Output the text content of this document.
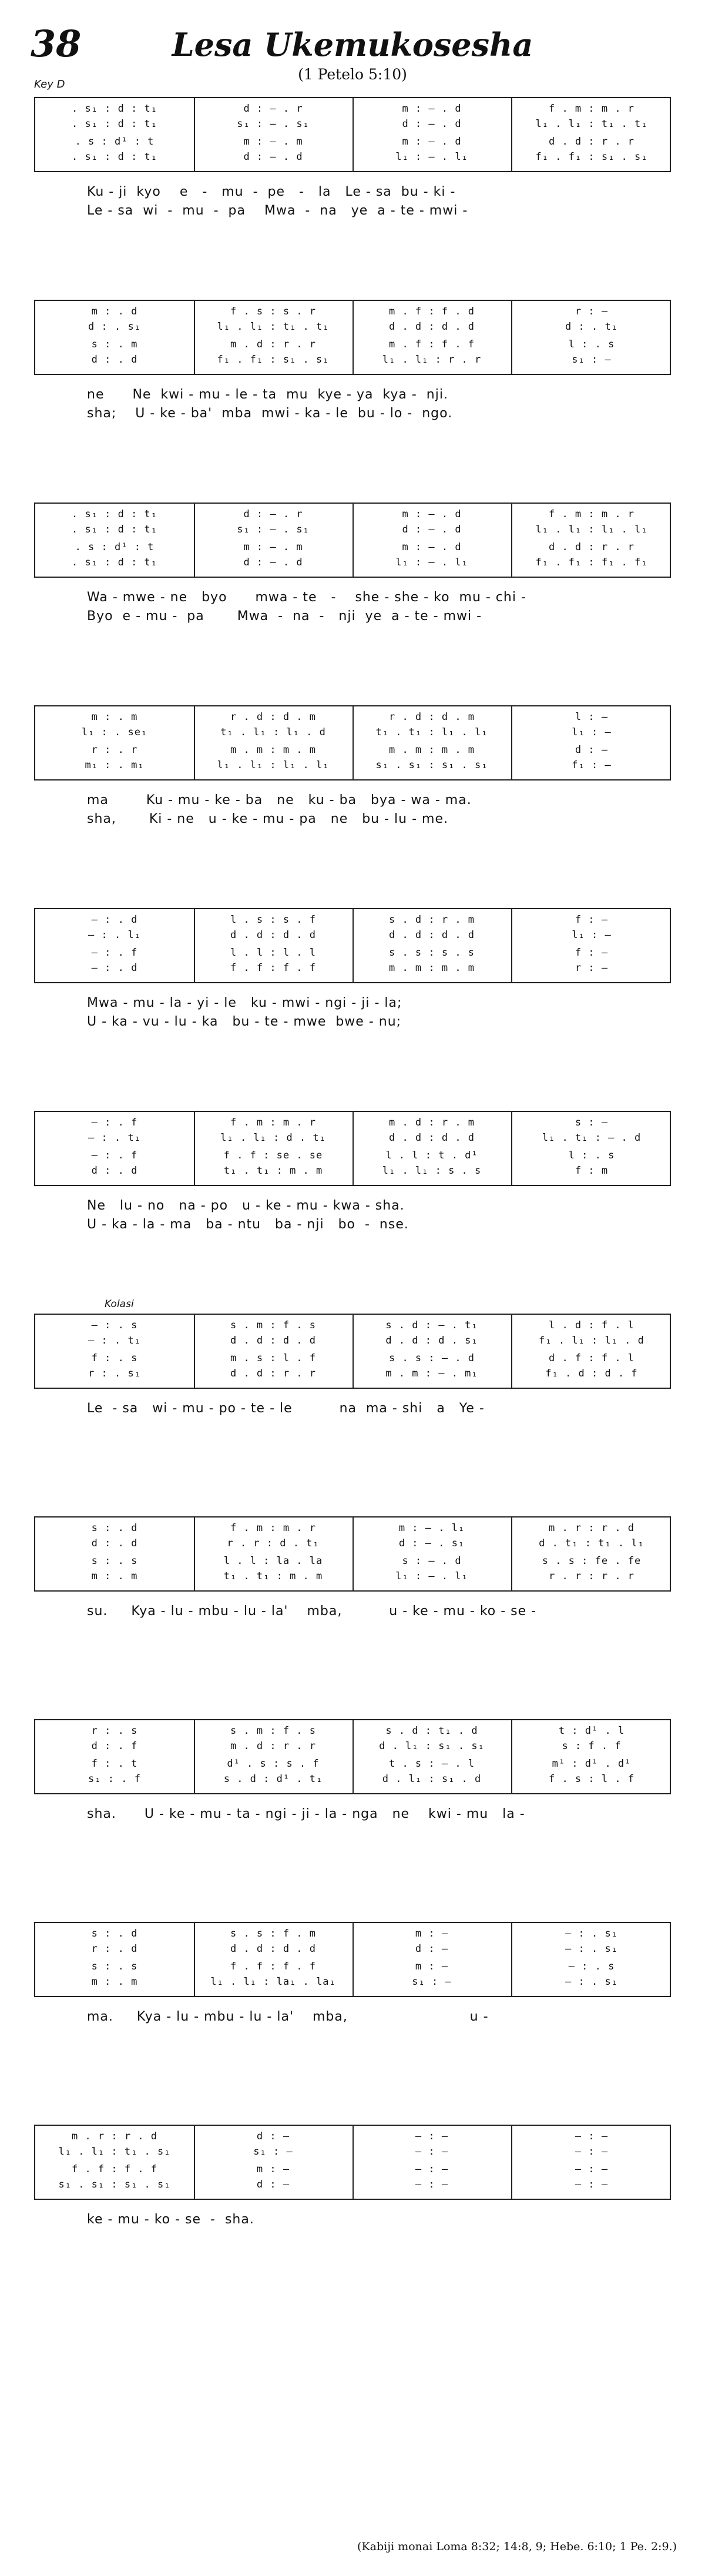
38	Lesa Ukemukosesha
(1 Petelo 5:10)
Key D
. s₁ : d : t₁
. s₁ : d : t₁
. s : d¹ : t
. s₁ : d : t₁
d : – . r
s₁ : – . s₁
m : – . m
d : – . d
m : – . d
d : – . d
m : – . d
l₁ : – . l₁
f . m : m . r
l₁ . l₁ : t₁ . t₁
d . d : r . r
f₁ . f₁ : s₁ . s₁
Ku - ji  kyo    e   -   mu  -  pe   -   la   Le - sa  bu - ki -
Le - sa  wi  -  mu  -  pa    Mwa  -  na   ye  a - te - mwi -
m : . d
d : . s₁
s : . m
d : . d
f . s : s . r
l₁ . l₁ : t₁ . t₁
m . d : r . r
f₁ . f₁ : s₁ . s₁
m . f : f . d
d . d : d . d
m . f : f . f
l₁ . l₁ : r . r
r : —
d : . t₁
l : . s
s₁ : —
ne      Ne  kwi - mu - le - ta  mu  kye - ya  kya -  nji.
sha;    U - ke - ba'  mba  mwi - ka - le  bu - lo -  ngo.
. s₁ : d : t₁
. s₁ : d : t₁
. s : d¹ : t
. s₁ : d : t₁
d : – . r
s₁ : – . s₁
m : – . m
d : – . d
m : – . d
d : – . d
m : – . d
l₁ : – . l₁
f . m : m . r
l₁ . l₁ : l₁ . l₁
d . d : r . r
f₁ . f₁ : f₁ . f₁
Wa - mwe - ne   byo      mwa - te   -    she - she - ko  mu - chi -
Byo  e - mu -  pa       Mwa  -  na  -   nji  ye  a - te - mwi -
m : . m
l₁ : . se₁
r : . r
m₁ : . m₁
r . d : d . m
t₁ . l₁ : l₁ . d
m . m : m . m
l₁ . l₁ : l₁ . l₁
r . d : d . m
t₁ . t₁ : l₁ . l₁
m . m : m . m
s₁ . s₁ : s₁ . s₁
l : —
l₁ : —
d : —
f₁ : —
ma        Ku - mu - ke - ba   ne   ku - ba   bya - wa - ma.
sha,       Ki - ne   u - ke - mu - pa   ne   bu - lu - me.
— : . d
— : . l₁
— : . f
— : . d
l . s : s . f
d . d : d . d
l . l : l . l
f . f : f . f
s . d : r . m
d . d : d . d
s . s : s . s
m . m : m . m
f : —
l₁ : —
f : —
r : —
Mwa - mu - la - yi - le   ku - mwi - ngi - ji - la;
U - ka - vu - lu - ka   bu - te - mwe  bwe - nu;
— : . f
— : . t₁
— : . f
d : . d
f . m : m . r
l₁ . l₁ : d . t₁
f . f : se . se
t₁ . t₁ : m . m
m . d : r . m
d . d : d . d
l . l : t . d¹
l₁ . l₁ : s . s
s : —
l₁ . t₁ : – . d
l : . s
f : m
Ne   lu - no   na - po   u - ke - mu - kwa - sha.
U - ka - la - ma   ba - ntu   ba - nji   bo  -  nse.
Kolasi
— : . s
— : . t₁
f : . s
r : . s₁
s . m : f . s
d . d : d . d
m . s : l . f
d . d : r . r
s . d : – . t₁
d . d : d . s₁
s . s : – . d
m . m : – . m₁
l . d : f . l
f₁ . l₁ : l₁ . d
d . f : f . l
f₁ . d : d . f
Le  - sa   wi - mu - po - te - le          na  ma - shi   a   Ye -
s : . d
d : . d
s : . s
m : . m
f . m : m . r
r . r : d . t₁
l . l : la . la
t₁ . t₁ : m . m
m : – . l₁
d : – . s₁
s : – . d
l₁ : – . l₁
m . r : r . d
d . t₁ : t₁ . l₁
s . s : fe . fe
r . r : r . r
su.     Kya - lu - mbu - lu - la'    mba,          u - ke - mu - ko - se -
r : . s
d : . f
f : . t
s₁ : . f
s . m : f . s
m . d : r . r
d¹ . s : s . f
s . d : d¹ . t₁
s . d : t₁ . d
d . l₁ : s₁ . s₁
t . s : – . l
d . l₁ : s₁ . d
t : d¹ . l
s : f . f
m¹ : d¹ . d¹
f . s : l . f
sha.      U - ke - mu - ta - ngi - ji - la - nga   ne    kwi - mu   la -
s : . d
r : . d
s : . s
m : . m
s . s : f . m
d . d : d . d
f . f : f . f
l₁ . l₁ : la₁ . la₁
m : —
d : —
m : —
s₁ : —
— : . s₁
— : . s₁
— : . s
— : . s₁
ma.     Kya - lu - mbu - lu - la'    mba,                          u -
m . r : r . d
l₁ . l₁ : t₁ . s₁
f . f : f . f
s₁ . s₁ : s₁ . s₁
d : —
s₁ : —
m : —
d : —
— : —
— : —
— : —
— : —
— : —
— : —
— : —
— : —
ke - mu - ko - se  -  sha.
(Kabiji monai Loma 8:32; 14:8, 9; Hebe. 6:10; 1 Pe. 2:9.)
